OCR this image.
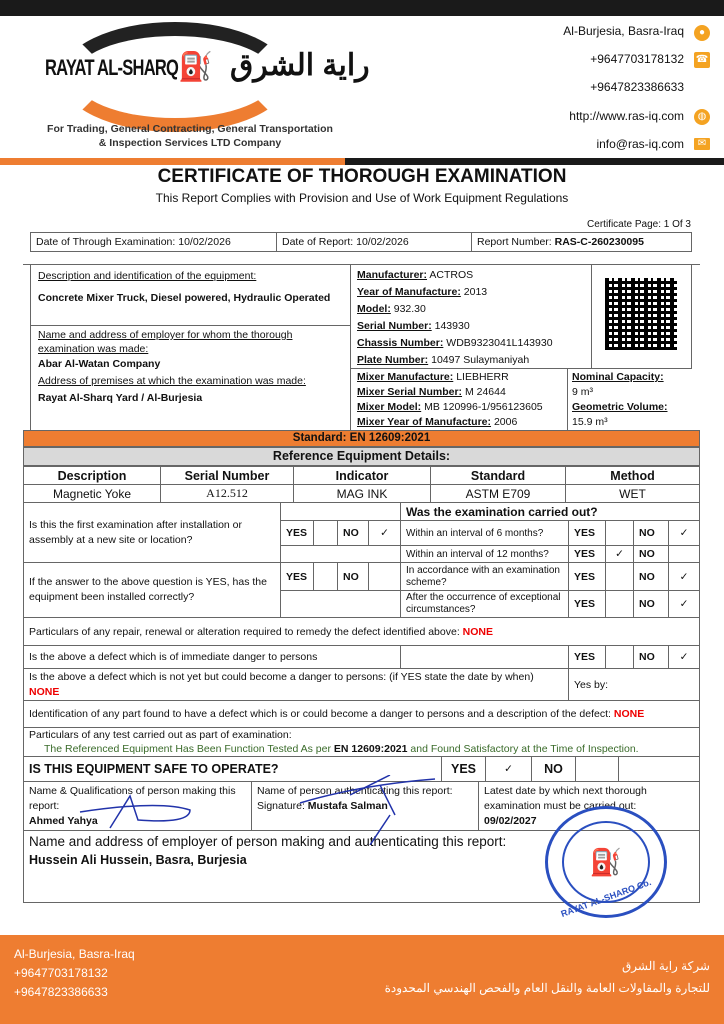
RAYAT AL-SHARQ ⛽ راية الشرق
For Trading, General Contracting, General Transportation
& Inspection Services LTD Company
Al-Burjesia, Basra-Iraq	●
+9647703178132 ☎
+9647823386633
http://www.ras-iq.com	◍
info@ras-iq.com	✉
CERTIFICATE OF THOROUGH EXAMINATION
This Report Complies with Provision and Use of Work Equipment Regulations
Certificate Page: 1 Of 3
Date of Through Examination: 10/02/2026	Date of Report: 10/02/2026	Report Number: RAS-C-260230095
Description and identification of the equipment:
Concrete Mixer Truck, Diesel powered, Hydraulic Operated
Name and address of employer for whom the thorough examination was made:
Abar Al-Watan Company
Address of premises at which the examination was made:
Rayat Al-Sharq Yard / Al-Burjesia
Manufacturer: ACTROS
Year of Manufacture: 2013
Model: 932.30
Serial Number: 143930
Chassis Number: WDB9323041L143930
Plate Number: 10497 Sulaymaniyah
Mixer Manufacture: LIEBHERR
Mixer Serial Number: M 24644
Mixer Model: MB 120996-1/956123605
Mixer Year of Manufacture: 2006
Nominal Capacity:
9 m³
Geometric Volume:
15.9 m³
Standard: EN 12609:2021
Reference Equipment Details:
Description	Serial Number	Indicator	Standard	Method
Magnetic Yoke	A12.512	MAG INK	ASTM E709	WET
Is this the first examination after installation or assembly at a new site or location?					Was the examination carried out?				
	YES		NO	✓	Within an interval of 6 months?	YES		NO	✓
					Within an interval of 12 months?	YES	✓	NO	
If the answer to the above question is YES, has the equipment been installed correctly?	YES		NO		In accordance with an examination scheme?	YES		NO	✓
					After the occurrence of exceptional circumstances?	YES		NO	✓
Particulars of any repair, renewal or alteration required to remedy the defect identified above: NONE									
Is the above a defect which is of immediate danger to persons						YES		NO	✓
Is the above a defect which is not yet but could become a danger to persons: (if YES state the date by when) NONE						Yes by:			
Identification of any part found to have a defect which is or could become a danger to persons and a description of the defect: NONE									

Particulars of any test carried out as part of examination:
The Referenced Equipment Has Been Function Tested As per EN 12609:2021 and Found Satisfactory at the Time of Inspection.									
IS THIS EQUIPMENT SAFE TO OPERATE?	YES	✓	NO		
Name & Qualifications of person making this report:
Ahmed Yahya

Name of person authenticating this report:
Signature: Mustafa Salman

Latest date by which next thorough examination must be carried out:
09/02/2027

Name and address of employer of person making and authenticating this report:
Hussein Ali Hussein, Basra, Burjesia	⛽
RAYAT AL-SHARQ Co.
Al-Burjesia, Basra-Iraq
+9647703178132
+9647823386633
شركة راية الشرق
للتجارة والمقاولات العامة والنقل العام والفحص الهندسي المحدودة
